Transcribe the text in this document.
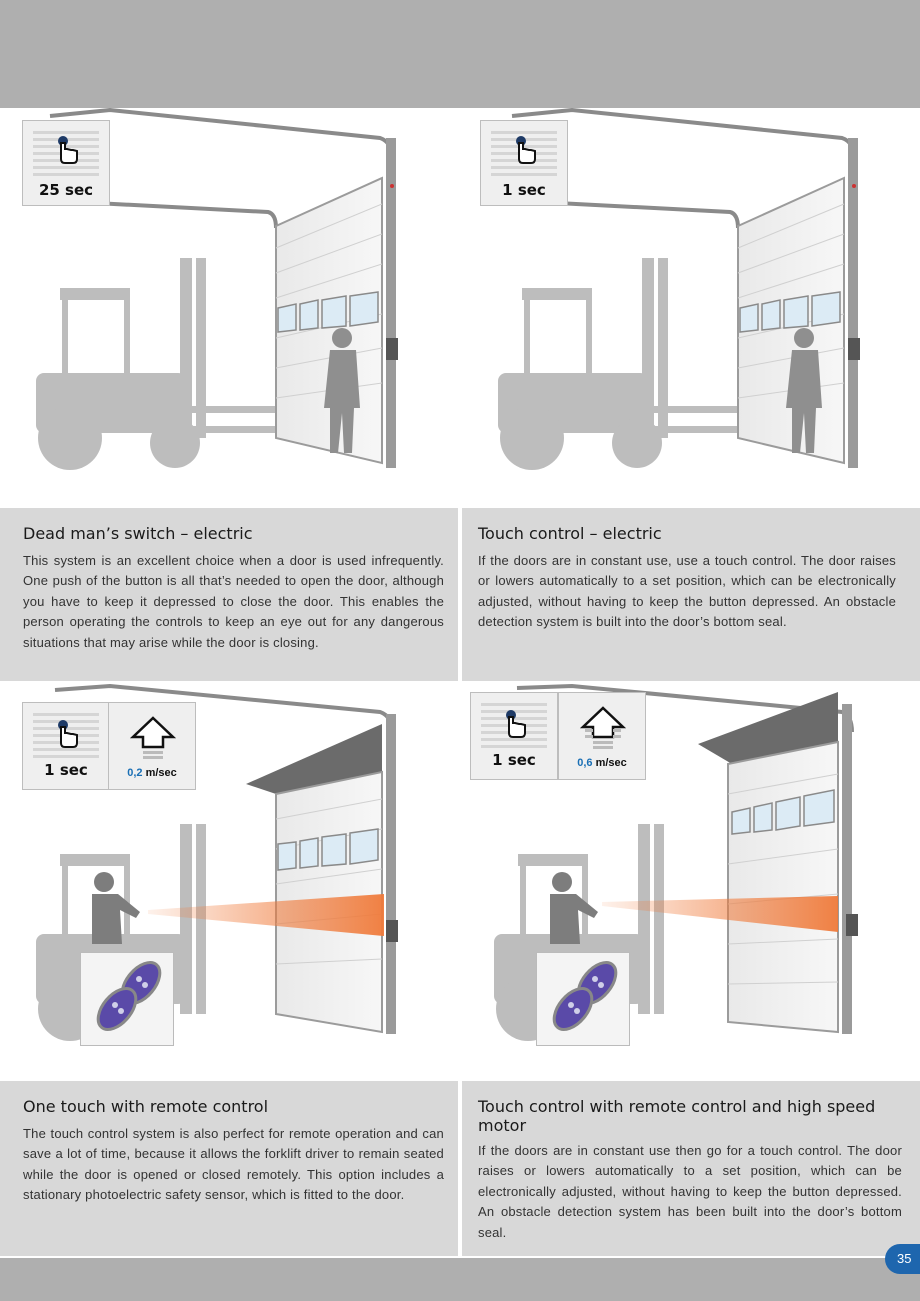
25 sec	1 sec
Dead man’s switch – electric

This system is an excellent choice when a door is used infrequently. One push of the button is all that’s needed to open the door, although you have to keep it depressed to close the door. This enables the person operating the controls to keep an eye out for any dangerous situations that may arise while the door is closing.

Touch control – electric

If the doors are in constant use, use a touch control. The door raises or lowers automatically to a set position, which can be electronically adjusted, without having to keep the button depressed. An obstacle detection system is built into the door’s bottom seal.

1 sec	0,2 m/sec
1 sec	0,6 m/sec
One touch with remote control

The touch control system is also perfect for remote operation and can save a lot of time, because it allows the forklift driver to remain seated while the door is opened or closed remotely. This option includes a stationary photoelectric safety sensor, which is fitted to the door.

Touch control with remote control and high speed motor

If the doors are in constant use then go for a touch control. The door raises or lowers automatically to a set position, which can be electronically adjusted, without having to keep the button depressed. An obstacle detection system has been built into the door’s bottom seal.

35
